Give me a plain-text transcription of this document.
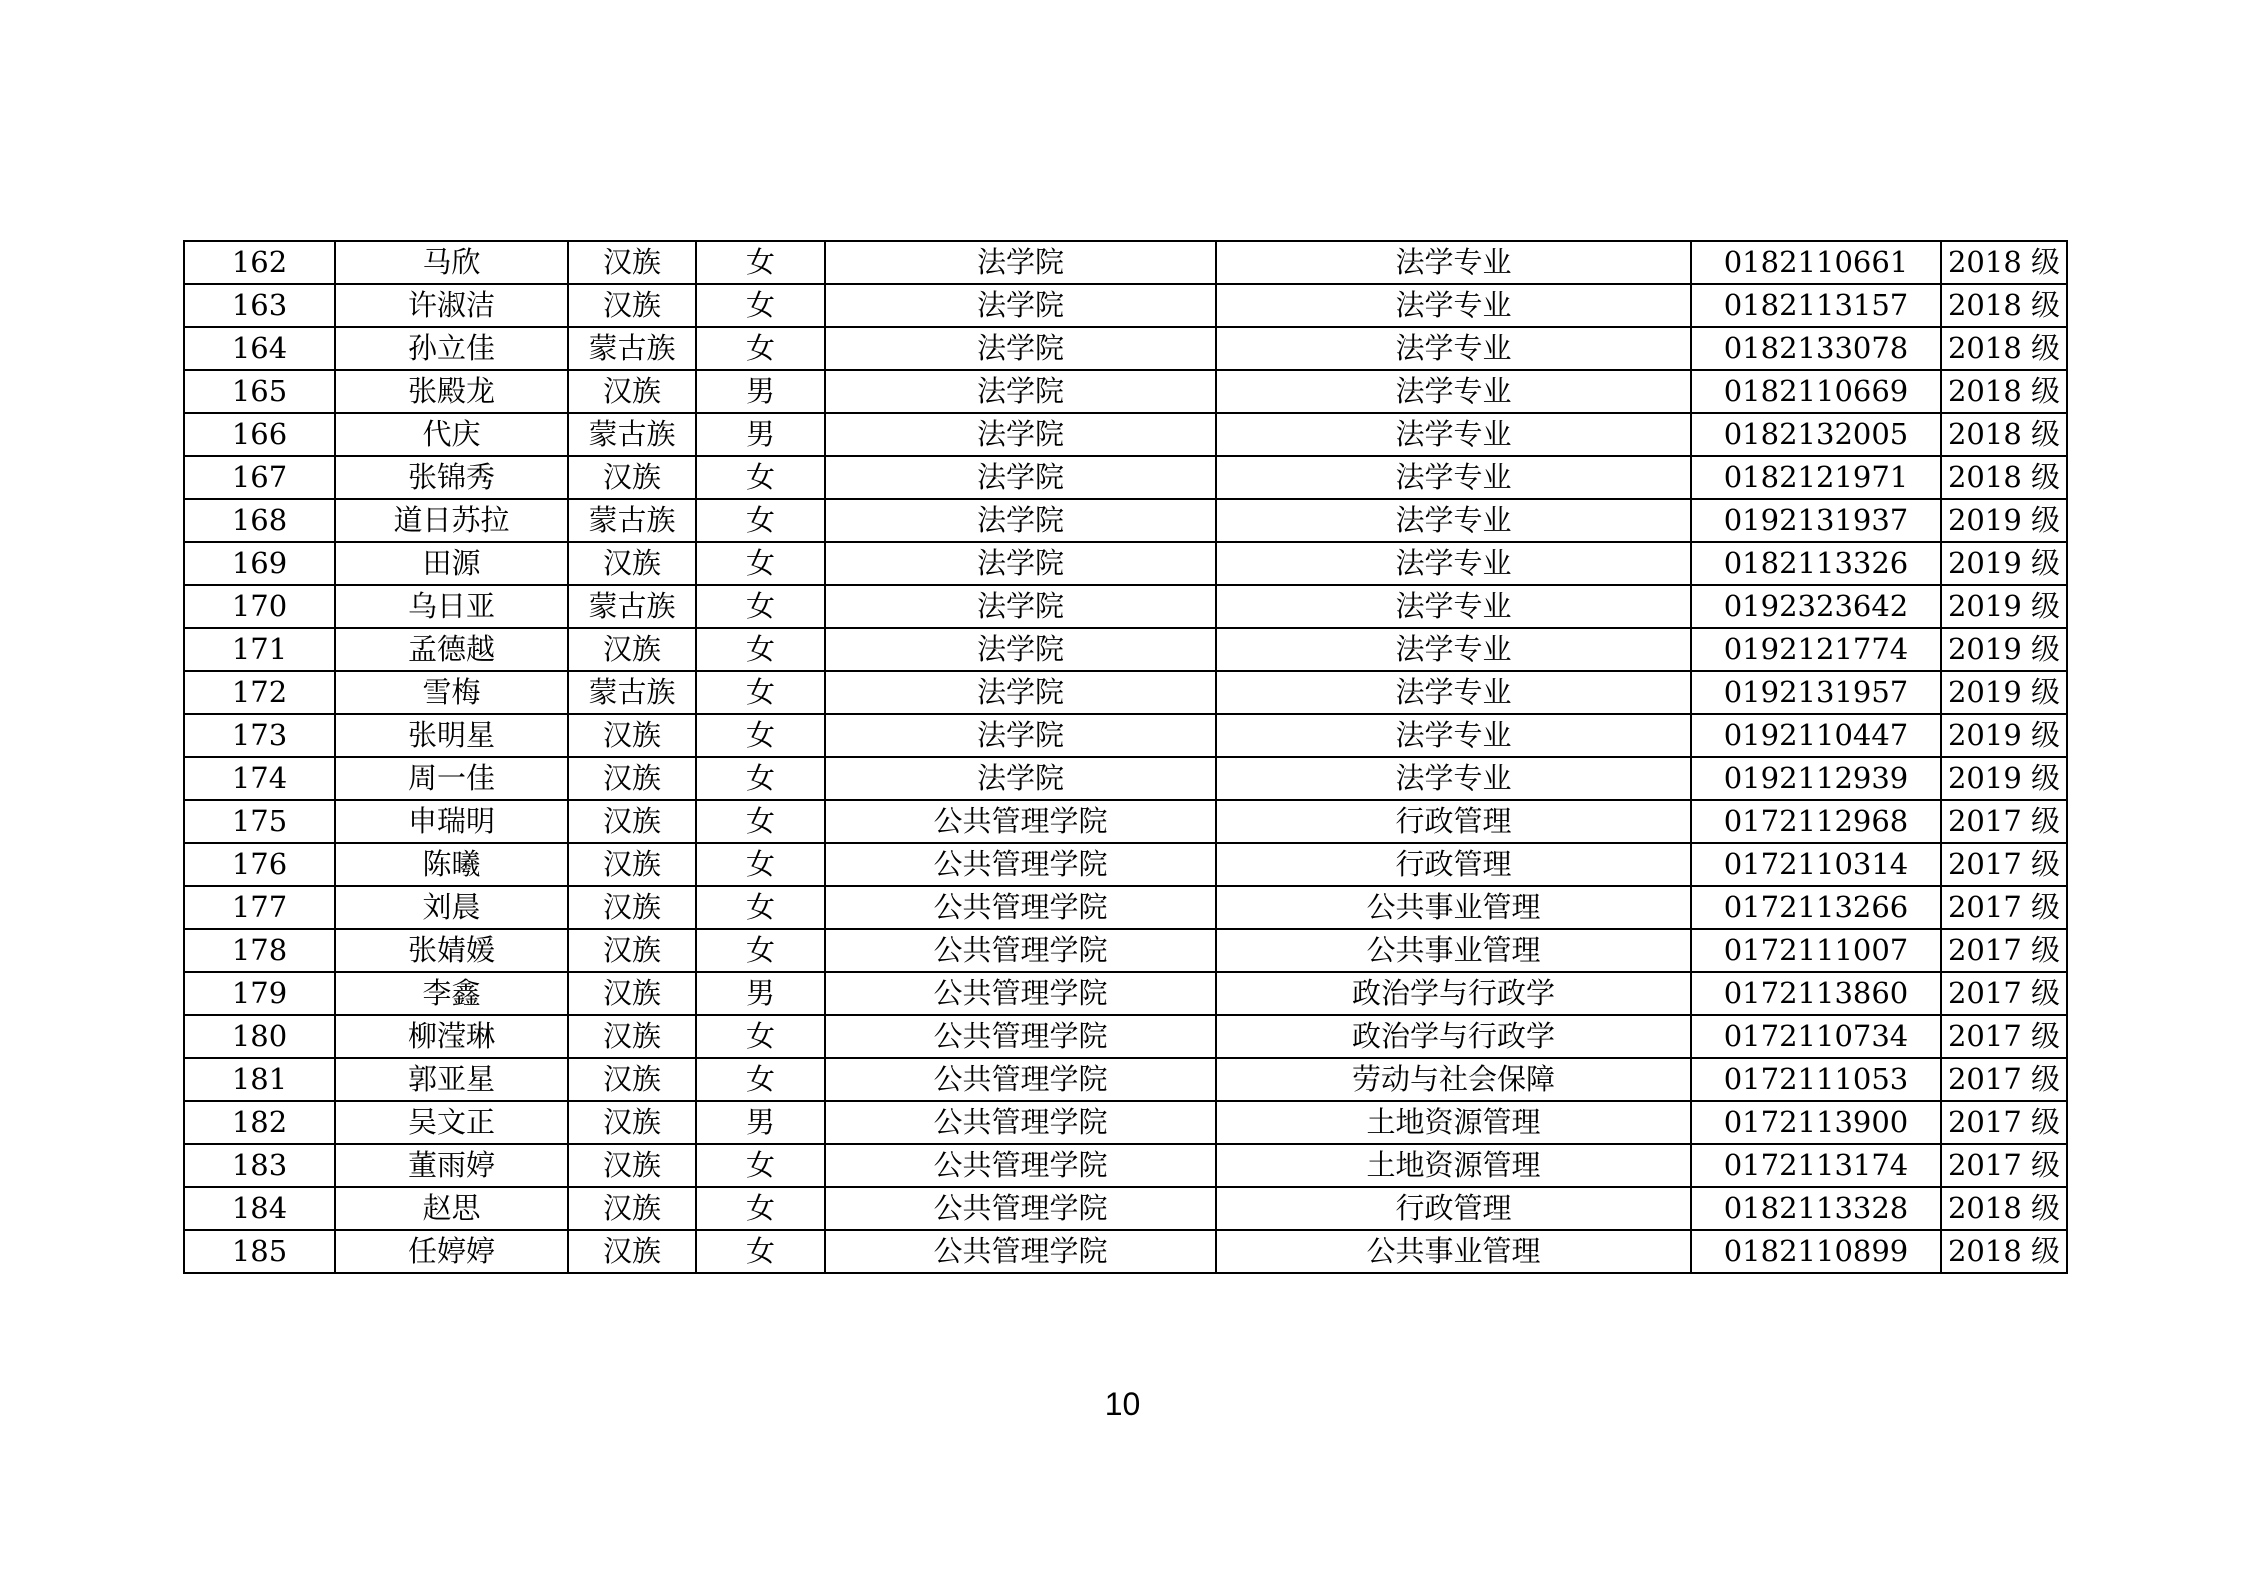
162	马欣	汉族	女	法学院	法学专业	0182110661	2018 级
163	许淑洁	汉族	女	法学院	法学专业	0182113157	2018 级
164	孙立佳	蒙古族	女	法学院	法学专业	0182133078	2018 级
165	张殿龙	汉族	男	法学院	法学专业	0182110669	2018 级
166	代庆	蒙古族	男	法学院	法学专业	0182132005	2018 级
167	张锦秀	汉族	女	法学院	法学专业	0182121971	2018 级
168	道日苏拉	蒙古族	女	法学院	法学专业	0192131937	2019 级
169	田源	汉族	女	法学院	法学专业	0182113326	2019 级
170	乌日亚	蒙古族	女	法学院	法学专业	0192323642	2019 级
171	孟德越	汉族	女	法学院	法学专业	0192121774	2019 级
172	雪梅	蒙古族	女	法学院	法学专业	0192131957	2019 级
173	张明星	汉族	女	法学院	法学专业	0192110447	2019 级
174	周一佳	汉族	女	法学院	法学专业	0192112939	2019 级
175	申瑞明	汉族	女	公共管理学院	行政管理	0172112968	2017 级
176	陈曦	汉族	女	公共管理学院	行政管理	0172110314	2017 级
177	刘晨	汉族	女	公共管理学院	公共事业管理	0172113266	2017 级
178	张婧媛	汉族	女	公共管理学院	公共事业管理	0172111007	2017 级
179	李鑫	汉族	男	公共管理学院	政治学与行政学	0172113860	2017 级
180	柳滢琳	汉族	女	公共管理学院	政治学与行政学	0172110734	2017 级
181	郭亚星	汉族	女	公共管理学院	劳动与社会保障	0172111053	2017 级
182	吴文正	汉族	男	公共管理学院	土地资源管理	0172113900	2017 级
183	董雨婷	汉族	女	公共管理学院	土地资源管理	0172113174	2017 级
184	赵思	汉族	女	公共管理学院	行政管理	0182113328	2018 级
185	任婷婷	汉族	女	公共管理学院	公共事业管理	0182110899	2018 级
10
